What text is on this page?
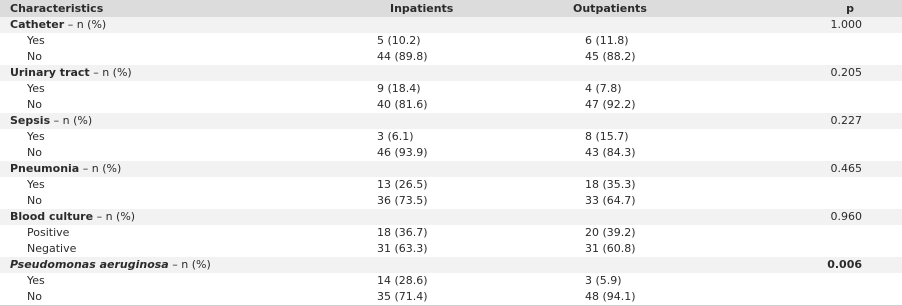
Characteristics	Inpatients	Outpatients	p
Catheter – n (%)			1.000
Yes	5 (10.2)	6 (11.8)	
No	44 (89.8)	45 (88.2)	
Urinary tract – n (%)			0.205
Yes	9 (18.4)	4 (7.8)	
No	40 (81.6)	47 (92.2)	
Sepsis – n (%)			0.227
Yes	3 (6.1)	8 (15.7)	
No	46 (93.9)	43 (84.3)	
Pneumonia – n (%)			0.465
Yes	13 (26.5)	18 (35.3)	
No	36 (73.5)	33 (64.7)	
Blood culture – n (%)			0.960
Positive	18 (36.7)	20 (39.2)	
Negative	31 (63.3)	31 (60.8)	
Pseudomonas aeruginosa – n (%)			0.006
Yes	14 (28.6)	3 (5.9)	
No	35 (71.4)	48 (94.1)	
